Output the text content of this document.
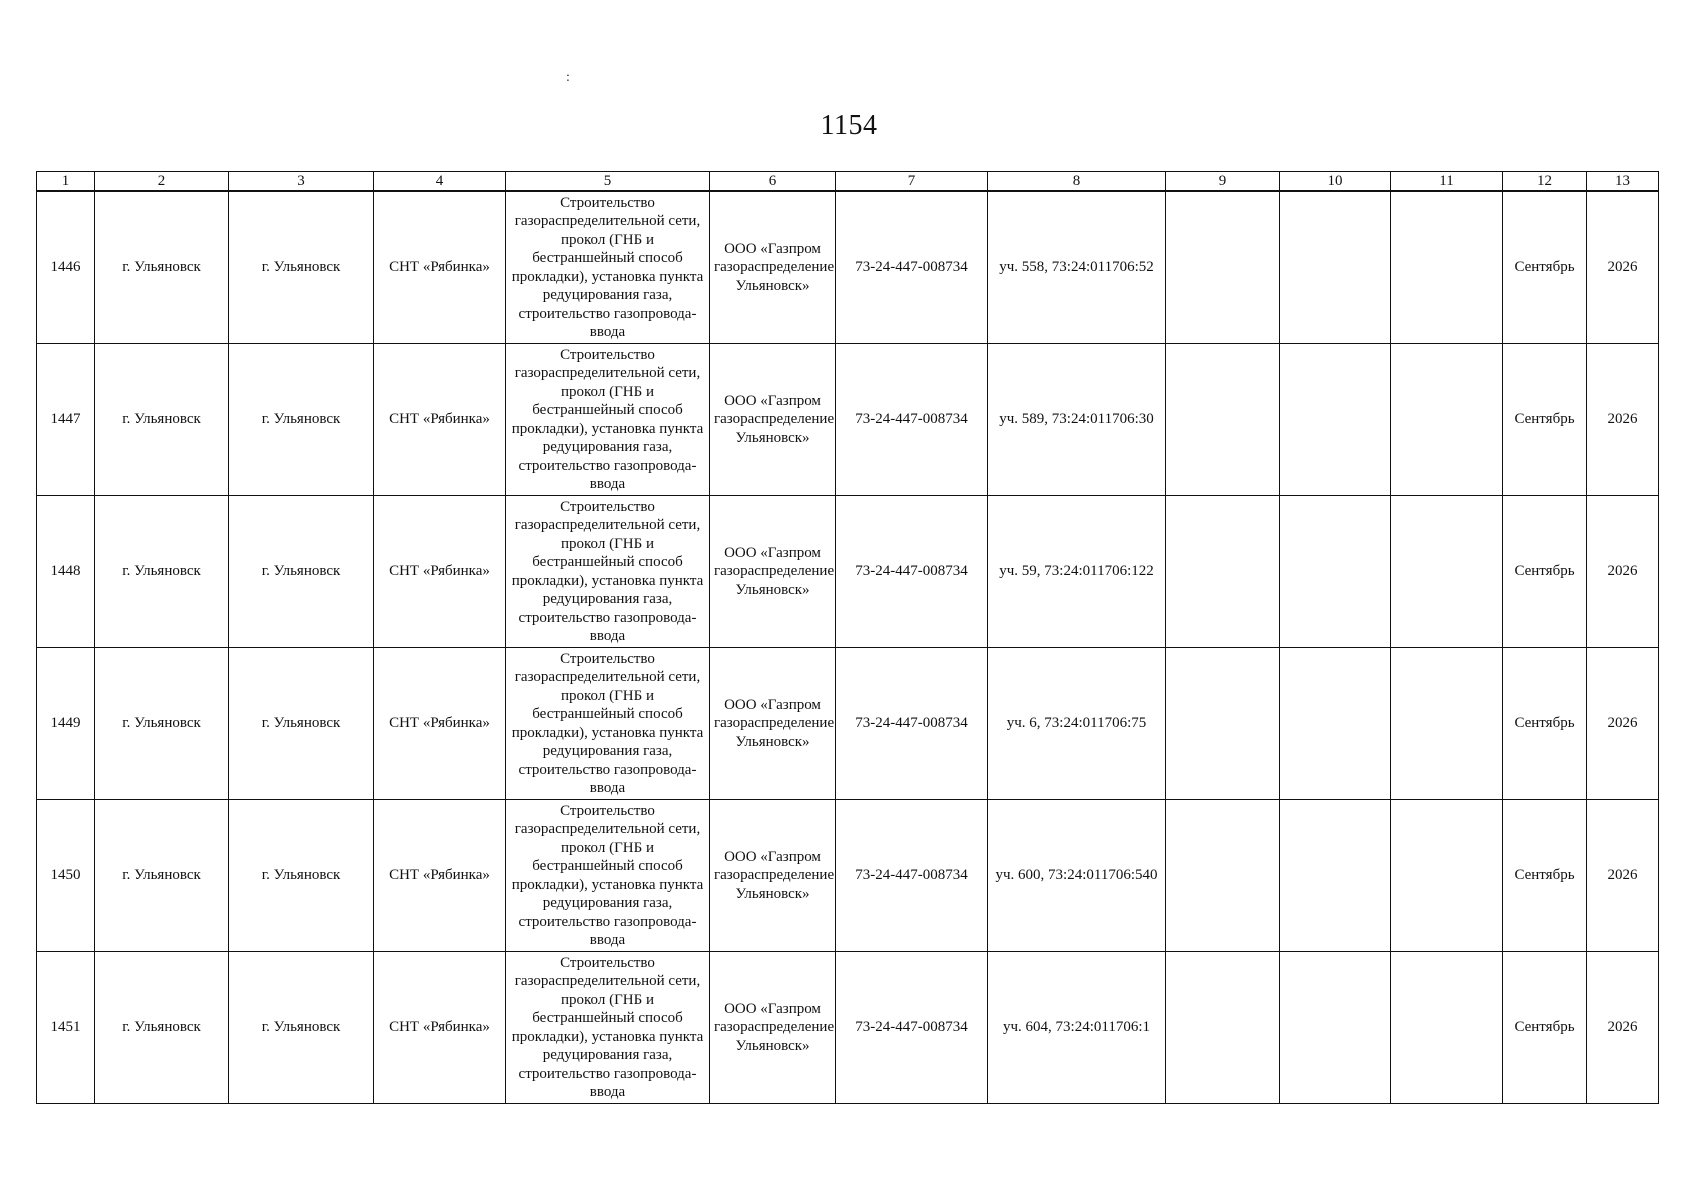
:
1154
1	2	3	4	5	6	7	8	9	10	11	12	13
1446	г. Ульяновск	г. Ульяновск	СНТ «Рябинка»	Строительство газораспределительной сети, прокол (ГНБ и бестраншейный способ прокладки), установка пункта редуцирования газа, строительство газопровода-ввода	ООО «Газпром газораспределение Ульяновск»	73-24-447-008734	уч. 558, 73:24:011706:52				Сентябрь	2026
1447	г. Ульяновск	г. Ульяновск	СНТ «Рябинка»	Строительство газораспределительной сети, прокол (ГНБ и бестраншейный способ прокладки), установка пункта редуцирования газа, строительство газопровода-ввода	ООО «Газпром газораспределение Ульяновск»	73-24-447-008734	уч. 589, 73:24:011706:30				Сентябрь	2026
1448	г. Ульяновск	г. Ульяновск	СНТ «Рябинка»	Строительство газораспределительной сети, прокол (ГНБ и бестраншейный способ прокладки), установка пункта редуцирования газа, строительство газопровода-ввода	ООО «Газпром газораспределение Ульяновск»	73-24-447-008734	уч. 59, 73:24:011706:122				Сентябрь	2026
1449	г. Ульяновск	г. Ульяновск	СНТ «Рябинка»	Строительство газораспределительной сети, прокол (ГНБ и бестраншейный способ прокладки), установка пункта редуцирования газа, строительство газопровода-ввода	ООО «Газпром газораспределение Ульяновск»	73-24-447-008734	уч. 6, 73:24:011706:75				Сентябрь	2026
1450	г. Ульяновск	г. Ульяновск	СНТ «Рябинка»	Строительство газораспределительной сети, прокол (ГНБ и бестраншейный способ прокладки), установка пункта редуцирования газа, строительство газопровода-ввода	ООО «Газпром газораспределение Ульяновск»	73-24-447-008734	уч. 600, 73:24:011706:540				Сентябрь	2026
1451	г. Ульяновск	г. Ульяновск	СНТ «Рябинка»	Строительство газораспределительной сети, прокол (ГНБ и бестраншейный способ прокладки), установка пункта редуцирования газа, строительство газопровода-ввода	ООО «Газпром газораспределение Ульяновск»	73-24-447-008734	уч. 604, 73:24:011706:1				Сентябрь	2026
